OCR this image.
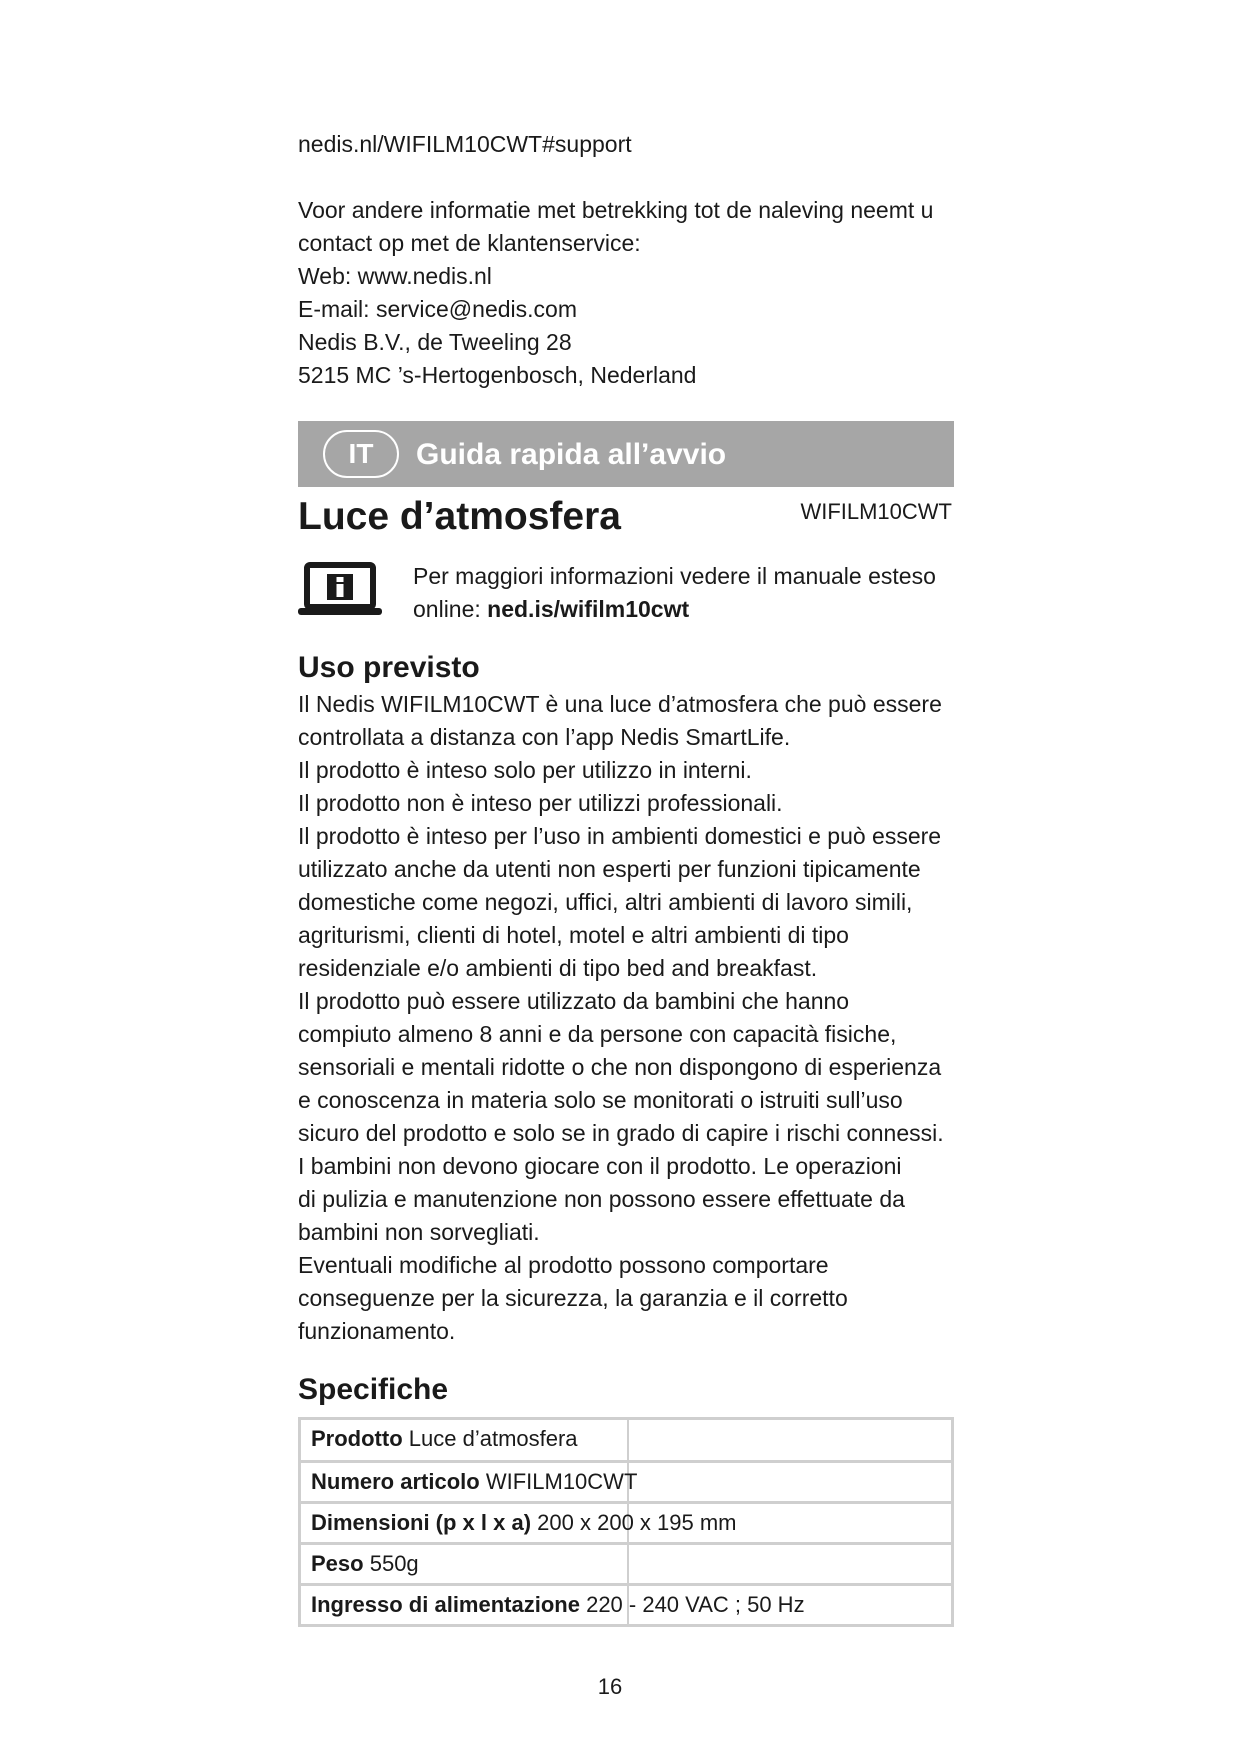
nedis.nl/WIFILM10CWT#support
Voor andere informatie met betrekking tot de naleving neemt u
contact op met de klantenservice:
Web: www.nedis.nl
E-mail: service@nedis.com
Nedis B.V., de Tweeling 28
5215 MC ’s-Hertogenbosch, Nederland
IT	Guida rapida all’avvio
Luce d’atmosfera	WIFILM10CWT
Per maggiori informazioni vedere il manuale esteso
online: ned.is/wifilm10cwt
Uso previsto
Il Nedis WIFILM10CWT è una luce d’atmosfera che può essere
controllata a distanza con l’app Nedis SmartLife.
Il prodotto è inteso solo per utilizzo in interni.
Il prodotto non è inteso per utilizzi professionali.
Il prodotto è inteso per l’uso in ambienti domestici e può essere
utilizzato anche da utenti non esperti per funzioni tipicamente
domestiche come negozi, uffici, altri ambienti di lavoro simili,
agriturismi, clienti di hotel, motel e altri ambienti di tipo
residenziale e/o ambienti di tipo bed and breakfast.
Il prodotto può essere utilizzato da bambini che hanno
compiuto almeno 8 anni e da persone con capacità fisiche,
sensoriali e mentali ridotte o che non dispongono di esperienza
e conoscenza in materia solo se monitorati o istruiti sull’uso
sicuro del prodotto e solo se in grado di capire i rischi connessi.
I bambini non devono giocare con il prodotto. Le operazioni
di pulizia e manutenzione non possono essere effettuate da
bambini non sorvegliati.
Eventuali modifiche al prodotto possono comportare
conseguenze per la sicurezza, la garanzia e il corretto
funzionamento.
Specifiche
Prodotto Luce d’atmosfera
Numero articolo WIFILM10CWT
Dimensioni (p x l x a) 200 x 200 x 195 mm
Peso 550g
Ingresso di alimentazione 220 - 240 VAC ; 50 Hz
16
